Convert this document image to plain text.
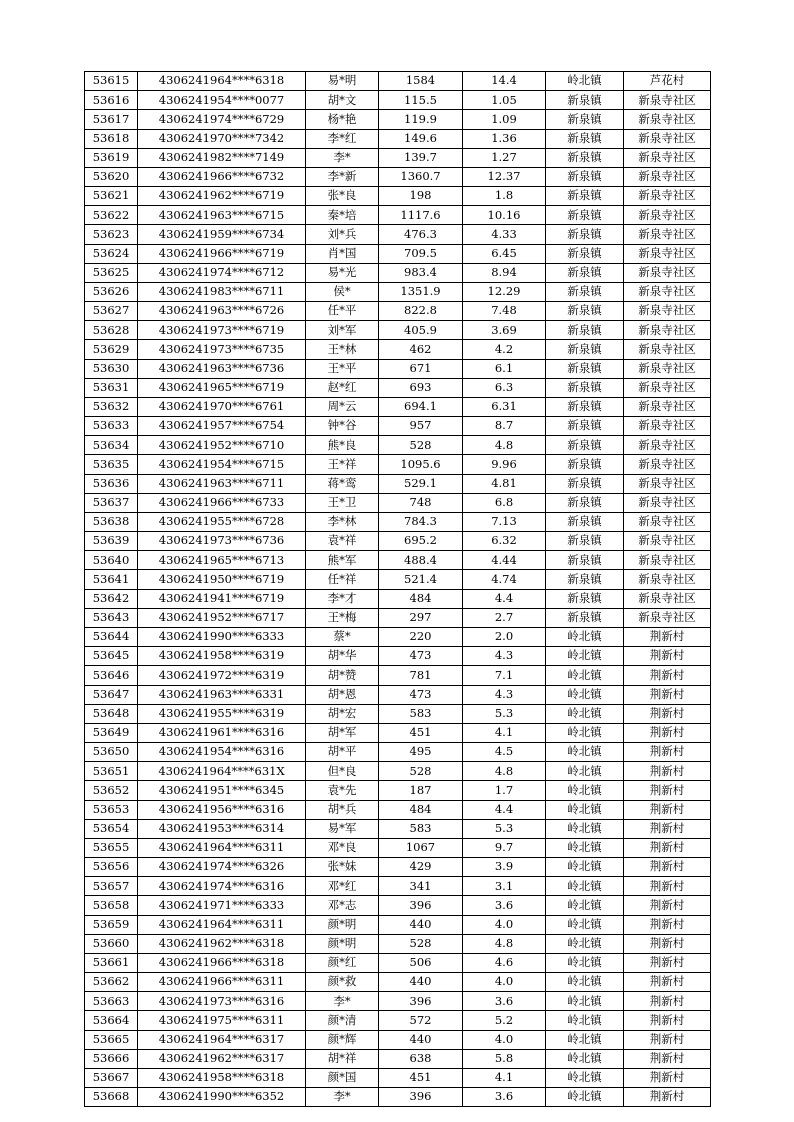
53615	4306241964****6318	易*明	1584	14.4	岭北镇	芦花村
53616	4306241954****0077	胡*文	115.5	1.05	新泉镇	新泉寺社区
53617	4306241974****6729	杨*艳	119.9	1.09	新泉镇	新泉寺社区
53618	4306241970****7342	李*红	149.6	1.36	新泉镇	新泉寺社区
53619	4306241982****7149	李*	139.7	1.27	新泉镇	新泉寺社区
53620	4306241966****6732	李*新	1360.7	12.37	新泉镇	新泉寺社区
53621	4306241962****6719	张*良	198	1.8	新泉镇	新泉寺社区
53622	4306241963****6715	秦*培	1117.6	10.16	新泉镇	新泉寺社区
53623	4306241959****6734	刘*兵	476.3	4.33	新泉镇	新泉寺社区
53624	4306241966****6719	肖*国	709.5	6.45	新泉镇	新泉寺社区
53625	4306241974****6712	易*光	983.4	8.94	新泉镇	新泉寺社区
53626	4306241983****6711	侯*	1351.9	12.29	新泉镇	新泉寺社区
53627	4306241963****6726	任*平	822.8	7.48	新泉镇	新泉寺社区
53628	4306241973****6719	刘*军	405.9	3.69	新泉镇	新泉寺社区
53629	4306241973****6735	王*林	462	4.2	新泉镇	新泉寺社区
53630	4306241963****6736	王*平	671	6.1	新泉镇	新泉寺社区
53631	4306241965****6719	赵*红	693	6.3	新泉镇	新泉寺社区
53632	4306241970****6761	周*云	694.1	6.31	新泉镇	新泉寺社区
53633	4306241957****6754	钟*谷	957	8.7	新泉镇	新泉寺社区
53634	4306241952****6710	熊*良	528	4.8	新泉镇	新泉寺社区
53635	4306241954****6715	王*祥	1095.6	9.96	新泉镇	新泉寺社区
53636	4306241963****6711	蒋*鸾	529.1	4.81	新泉镇	新泉寺社区
53637	4306241966****6733	王*卫	748	6.8	新泉镇	新泉寺社区
53638	4306241955****6728	李*林	784.3	7.13	新泉镇	新泉寺社区
53639	4306241973****6736	袁*祥	695.2	6.32	新泉镇	新泉寺社区
53640	4306241965****6713	熊*军	488.4	4.44	新泉镇	新泉寺社区
53641	4306241950****6719	任*祥	521.4	4.74	新泉镇	新泉寺社区
53642	4306241941****6719	李*才	484	4.4	新泉镇	新泉寺社区
53643	4306241952****6717	王*梅	297	2.7	新泉镇	新泉寺社区
53644	4306241990****6333	蔡*	220	2.0	岭北镇	荆新村
53645	4306241958****6319	胡*华	473	4.3	岭北镇	荆新村
53646	4306241972****6319	胡*赞	781	7.1	岭北镇	荆新村
53647	4306241963****6331	胡*恩	473	4.3	岭北镇	荆新村
53648	4306241955****6319	胡*宏	583	5.3	岭北镇	荆新村
53649	4306241961****6316	胡*军	451	4.1	岭北镇	荆新村
53650	4306241954****6316	胡*平	495	4.5	岭北镇	荆新村
53651	4306241964****631X	但*良	528	4.8	岭北镇	荆新村
53652	4306241951****6345	袁*先	187	1.7	岭北镇	荆新村
53653	4306241956****6316	胡*兵	484	4.4	岭北镇	荆新村
53654	4306241953****6314	易*军	583	5.3	岭北镇	荆新村
53655	4306241964****6311	邓*良	1067	9.7	岭北镇	荆新村
53656	4306241974****6326	张*妹	429	3.9	岭北镇	荆新村
53657	4306241974****6316	邓*红	341	3.1	岭北镇	荆新村
53658	4306241971****6333	邓*志	396	3.6	岭北镇	荆新村
53659	4306241964****6311	颜*明	440	4.0	岭北镇	荆新村
53660	4306241962****6318	颜*明	528	4.8	岭北镇	荆新村
53661	4306241966****6318	颜*红	506	4.6	岭北镇	荆新村
53662	4306241966****6311	颜*救	440	4.0	岭北镇	荆新村
53663	4306241973****6316	李*	396	3.6	岭北镇	荆新村
53664	4306241975****6311	颜*清	572	5.2	岭北镇	荆新村
53665	4306241964****6317	颜*辉	440	4.0	岭北镇	荆新村
53666	4306241962****6317	胡*祥	638	5.8	岭北镇	荆新村
53667	4306241958****6318	颜*国	451	4.1	岭北镇	荆新村
53668	4306241990****6352	李*	396	3.6	岭北镇	荆新村
